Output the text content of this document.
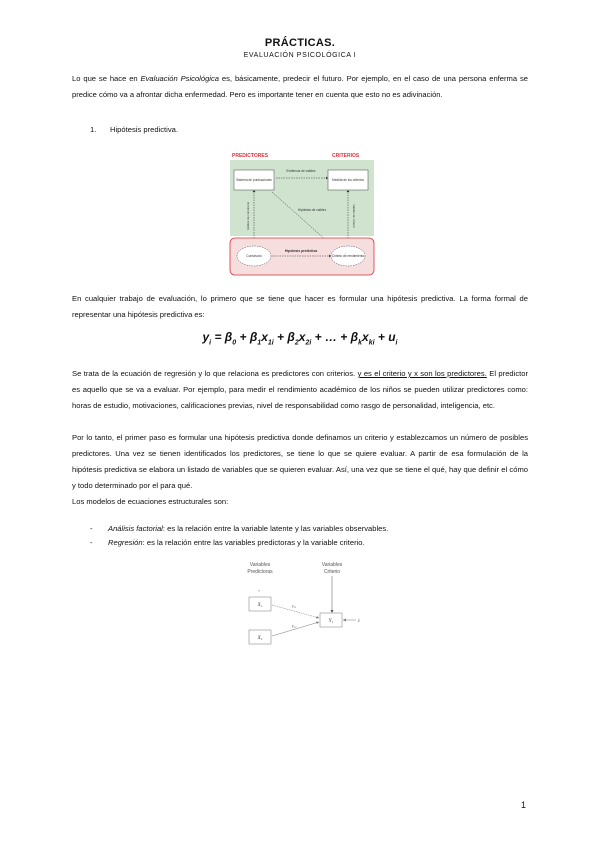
PRÁCTICAS.
EVALUACIÓN PSICOLÓGICA I
Lo que se hace en Evaluación Psicológica es, básicamente, predecir el futuro. Por ejemplo, en el caso de una persona enferma se predice cómo va a afrontar dicha enfermedad. Pero es importante tener en cuenta que esto no es adivinación.
1. Hipótesis predictiva.
PREDICTORES	CRITERIOS
Sistema de puntuaciones	Medida de los criterios
Evidencia de validez
Hipótesis de validez
Validez de constructo	Validez de criterio
Constructo	Criterio de rendimiento
Hipótesis predictiva
En cualquier trabajo de evaluación, lo primero que se tiene que hacer es formular una hipótesis predictiva. La forma formal de representar una hipótesis predictiva es:
$y_i = \beta_0 + \beta_1x_{1i} + \beta_2x_{2i}$ + … + $\beta_kx_{ki} + u_i$
Se trata de la ecuación de regresión y lo que relaciona es predictores con criterios. y es el criterio y x son los predictores. El predictor es aquello que se va a evaluar. Por ejemplo, para medir el rendimiento académico de los niños se pueden utilizar predictores como: horas de estudio, motivaciones, calificaciones previas, nivel de responsabilidad como rasgo de personalidad, inteligencia, etc.
Por lo tanto, el primer paso es formular una hipótesis predictiva donde definamos un criterio y establezcamos un número de posibles predictores. Una vez se tienen identificados los predictores, se tiene lo que se quiere evaluar. A partir de esa formulación de la hipótesis predictiva se elabora un listado de variables que se quieren evaluar. Así, una vez que se tiene el qué, hay que definir el cómo y todo determinado por el para qué.
Los modelos de ecuaciones estructurales son:
- Análisis factorial: es la relación entre la variable latente y las variables observables.
- Regresión: es la relación entre las variables predictoras y la variable criterio.
Variables
Predictoras
Variables
Criterio
X₁
X₂
Y₁
γ₁₁
γ₁₂
ε
*
1
